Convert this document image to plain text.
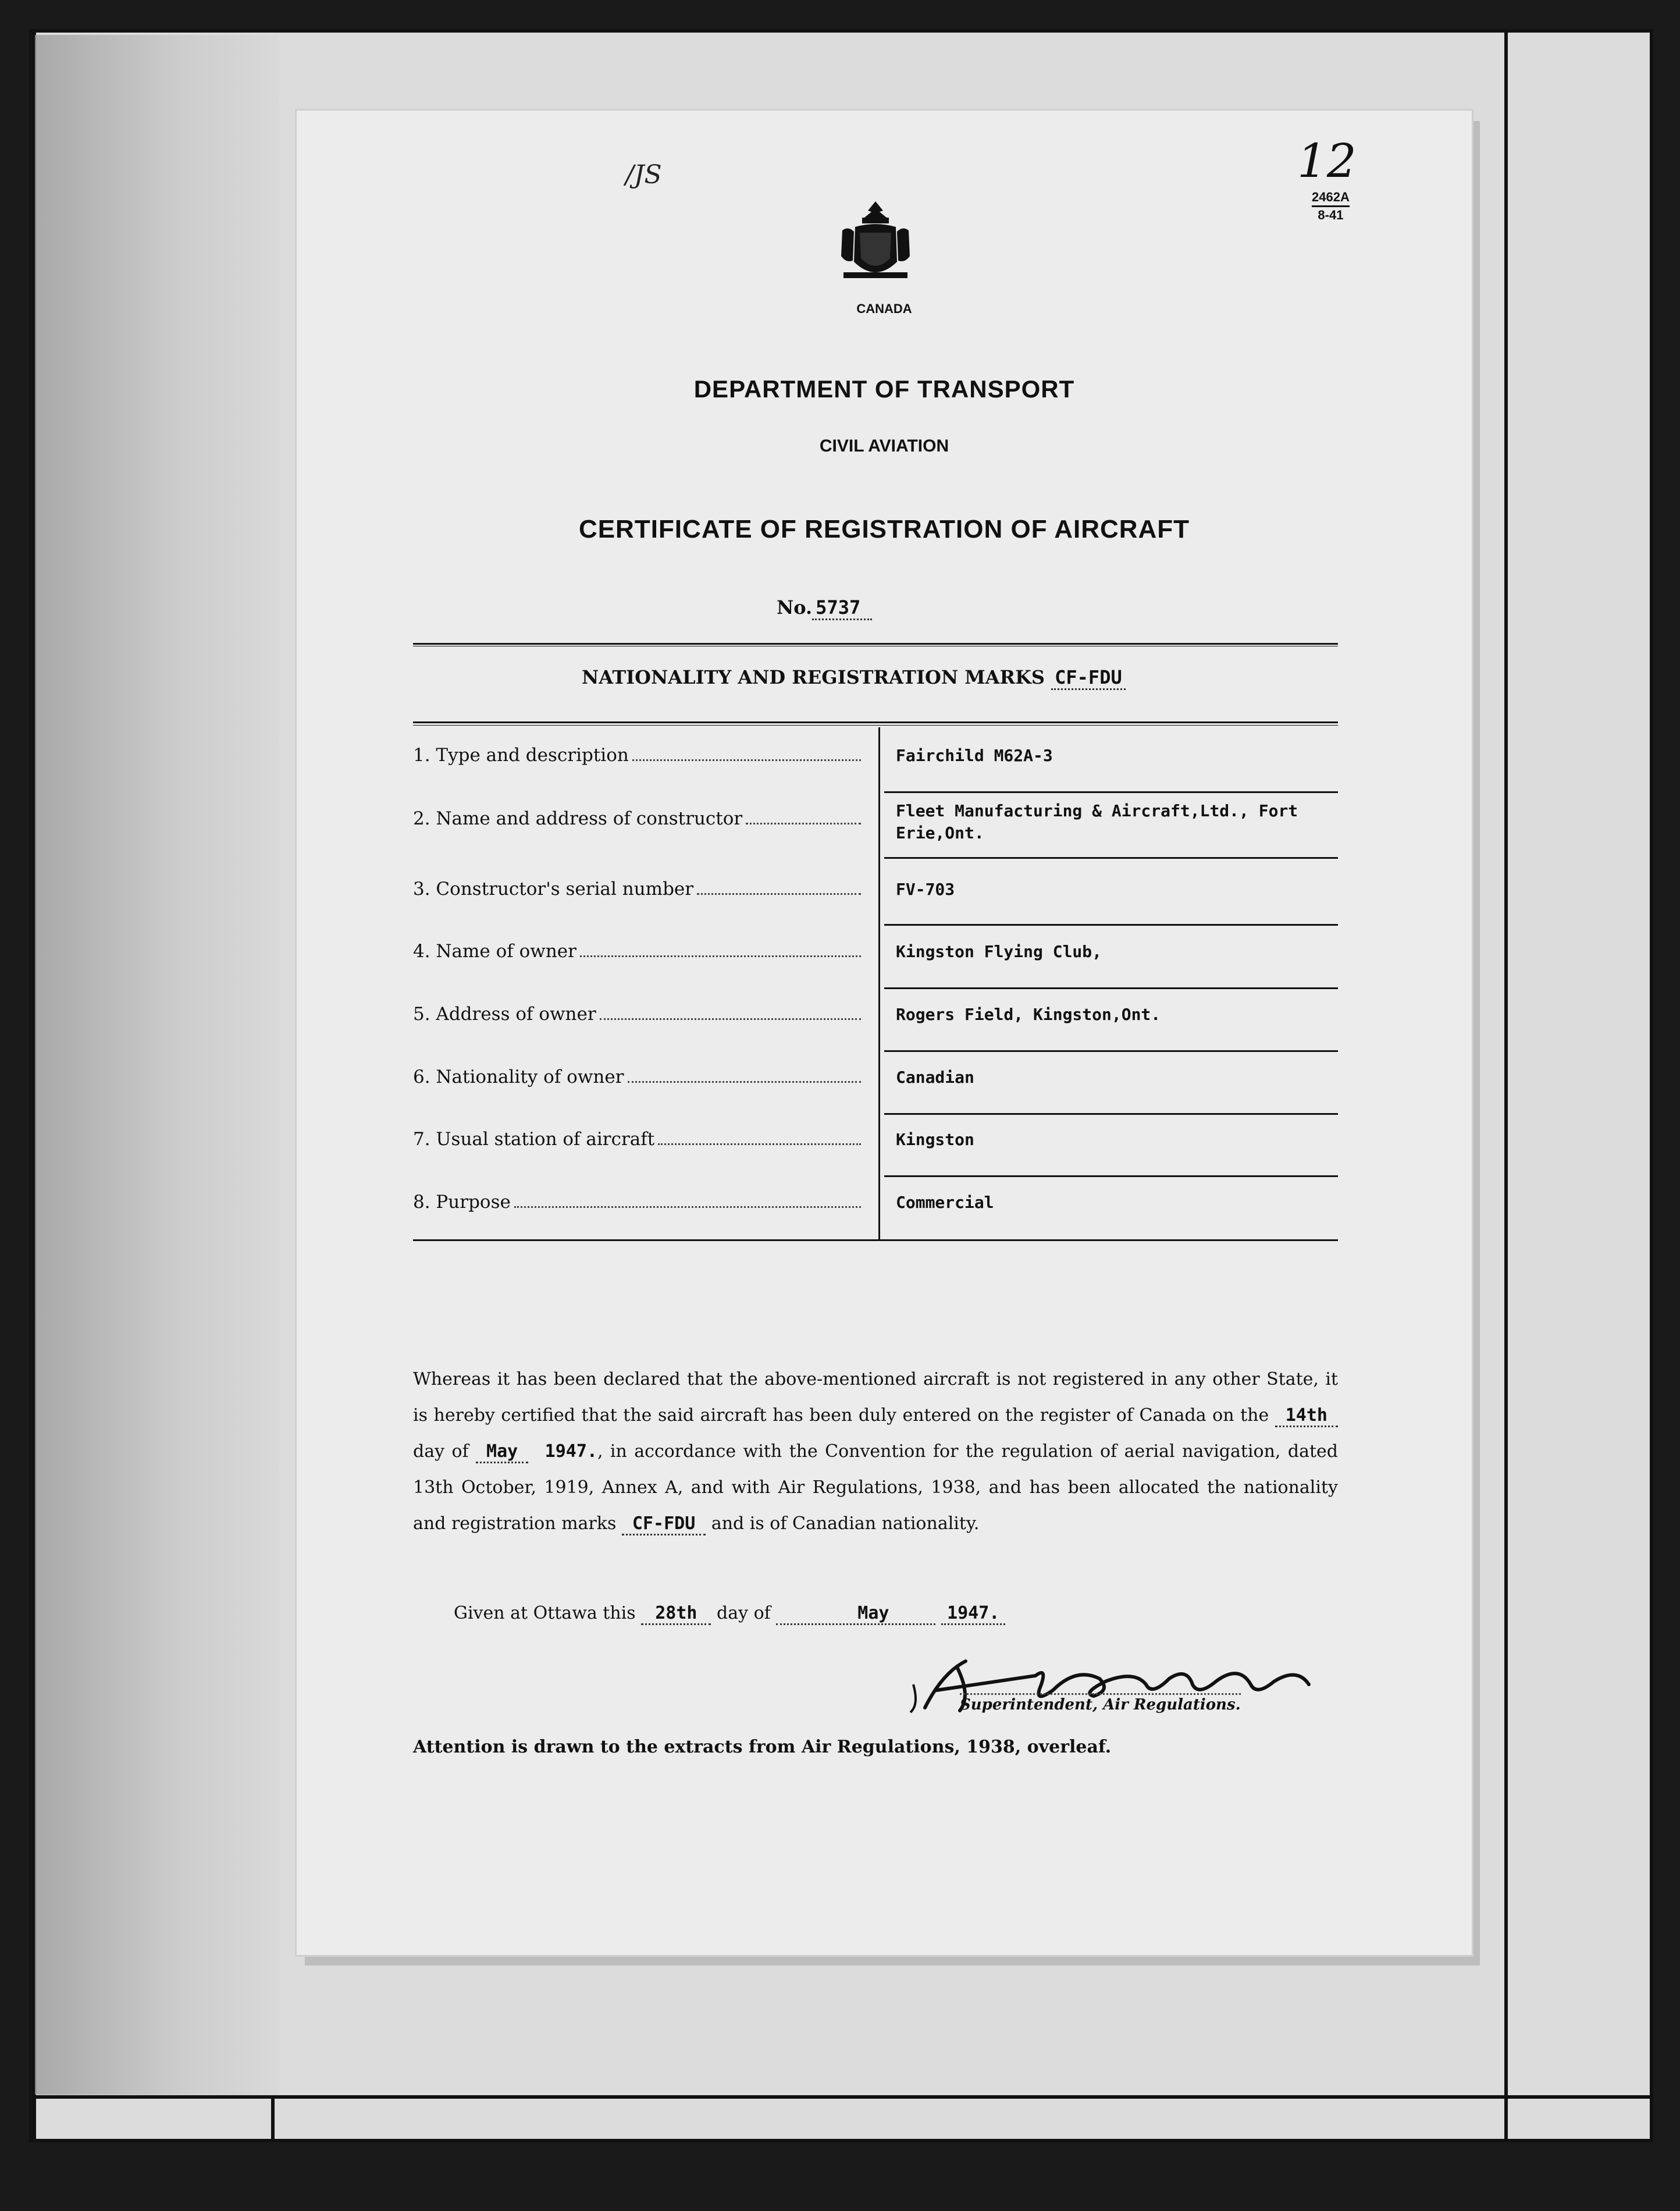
/JS	12
2462A
8-41
CANADA
DEPARTMENT OF TRANSPORT
CIVIL AVIATION
CERTIFICATE OF REGISTRATION OF AIRCRAFT
No. 5737
NATIONALITY AND REGISTRATION MARKS CF-FDU
1. Type and description	Fairchild M62A-3
2. Name and address of constructor	Fleet Manufacturing & Aircraft,Ltd., Fort Erie,Ont.
3. Constructor's serial number	FV-703
4. Name of owner	Kingston Flying Club,
5. Address of owner	Rogers Field, Kingston,Ont.
6. Nationality of owner	Canadian
7. Usual station of aircraft	Kingston
8. Purpose	Commercial
Whereas it has been declared that the above-mentioned aircraft is not registered in any other State, it is hereby certified that the said aircraft has been duly entered on the register of Canada on the 14th day of May 1947., in accordance with the Convention for the regulation of aerial navigation, dated 13th October, 1919, Annex A, and with Air Regulations, 1938, and has been allocated the nationality and registration marks CF-FDU and is of Canadian nationality.
Given at Ottawa this 28th day of	May	1947.
Superintendent, Air Regulations.
Attention is drawn to the extracts from Air Regulations, 1938, overleaf.
